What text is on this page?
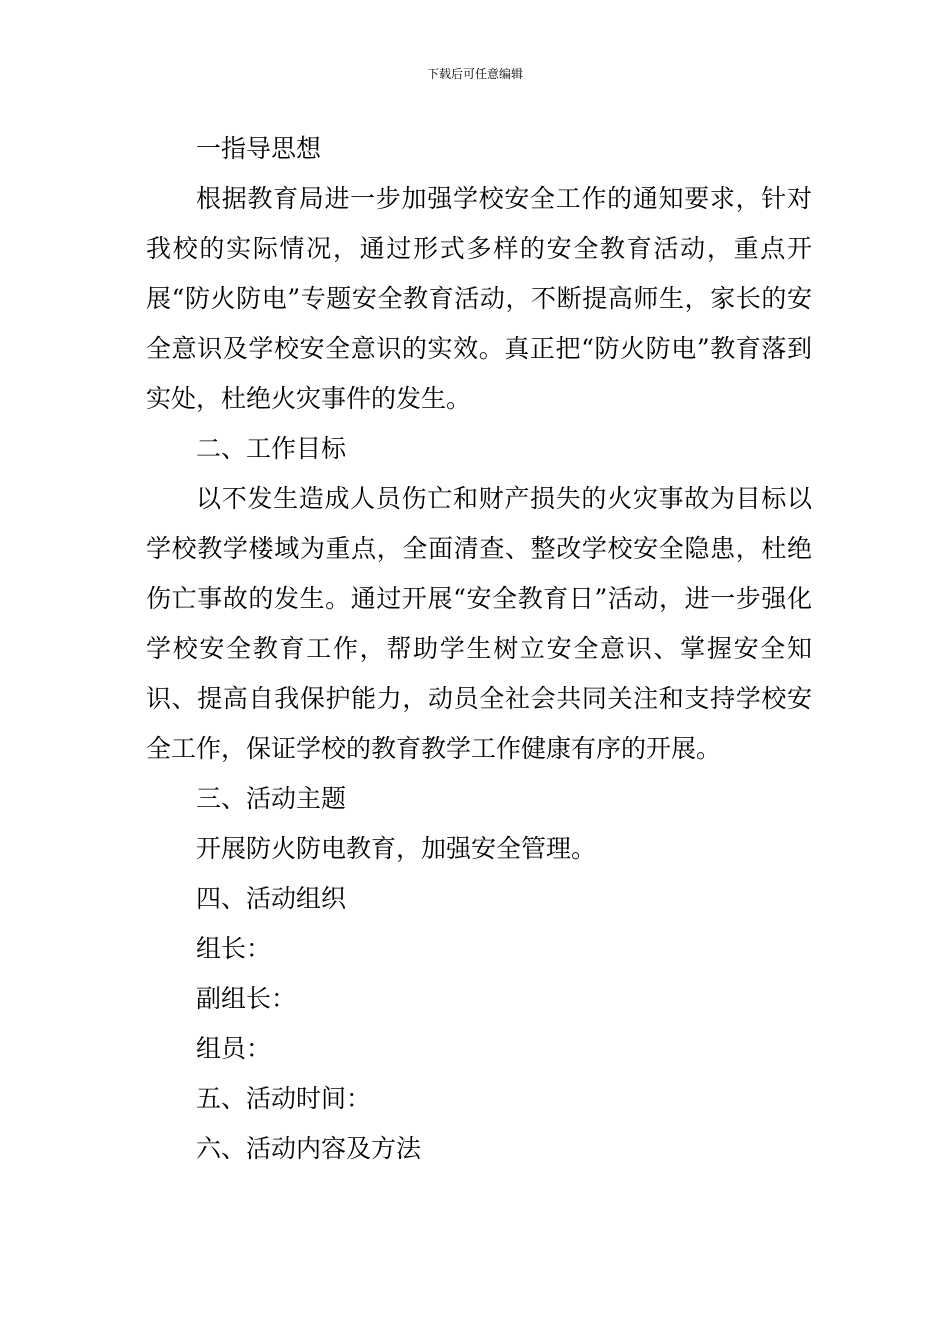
下载后可任意编辑
一指导思想

根据教育局进一步加强学校安全工作的通知要求，针对我校的实际情况，通过形式多样的安全教育活动，重点开展“防火防电”专题安全教育活动，不断提高师生，家长的安全意识及学校安全意识的实效。真正把“防火防电”教育落到实处，杜绝火灾事件的发生。

二、工作目标

以不发生造成人员伤亡和财产损失的火灾事故为目标以学校教学楼域为重点，全面清查、整改学校安全隐患，杜绝伤亡事故的发生。通过开展“安全教育日”活动，进一步强化学校安全教育工作，帮助学生树立安全意识、掌握安全知识、提高自我保护能力，动员全社会共同关注和支持学校安全工作，保证学校的教育教学工作健康有序的开展。

三、活动主题
开展防火防电教育，加强安全管理。
四、活动组织
组长：
副组长：
组员：
五、活动时间：
六、活动内容及方法
